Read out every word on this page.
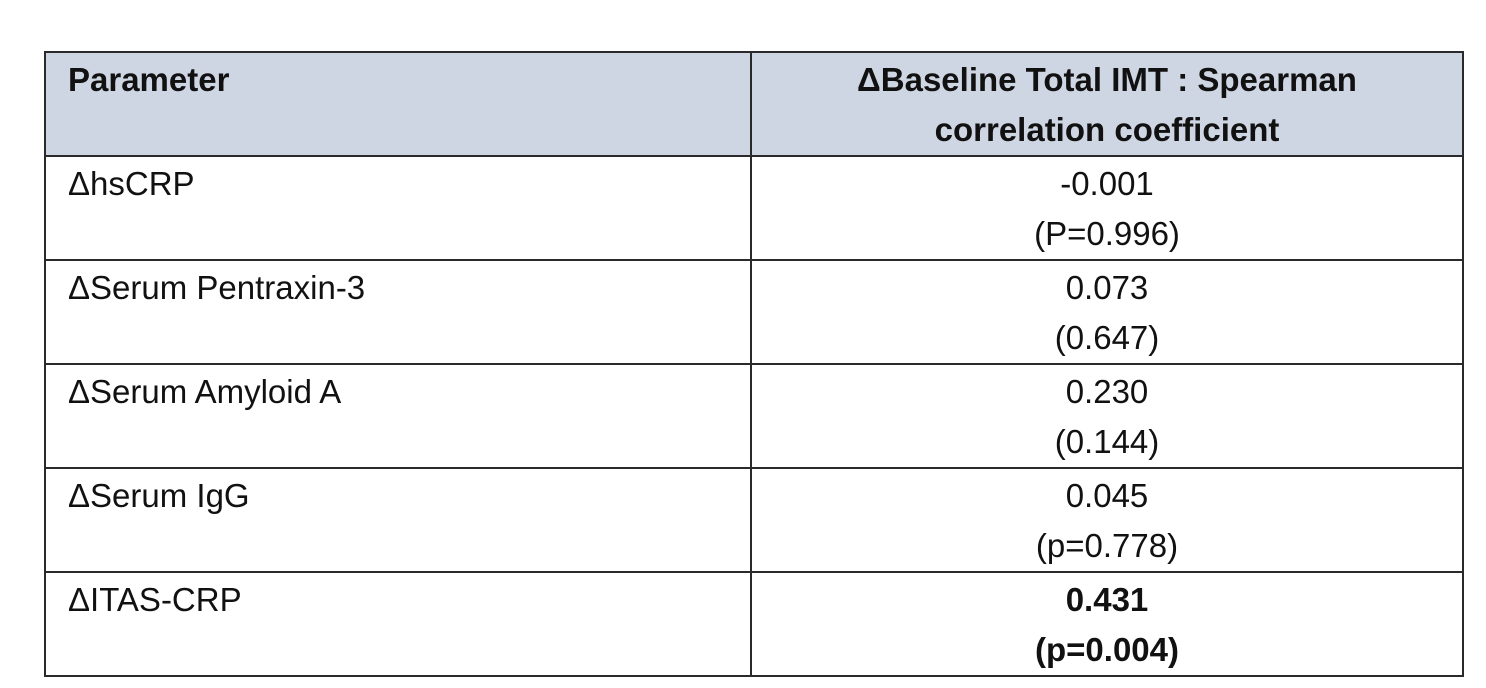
Parameter	ΔBaseline Total IMT : Spearman
correlation coefficient

ΔhsCRP	-0.001
(P=0.996)

ΔSerum Pentraxin-3	0.073
(0.647)

ΔSerum Amyloid A	0.230
(0.144)

ΔSerum IgG	0.045
(p=0.778)

ΔITAS-CRP	0.431
(p=0.004)
